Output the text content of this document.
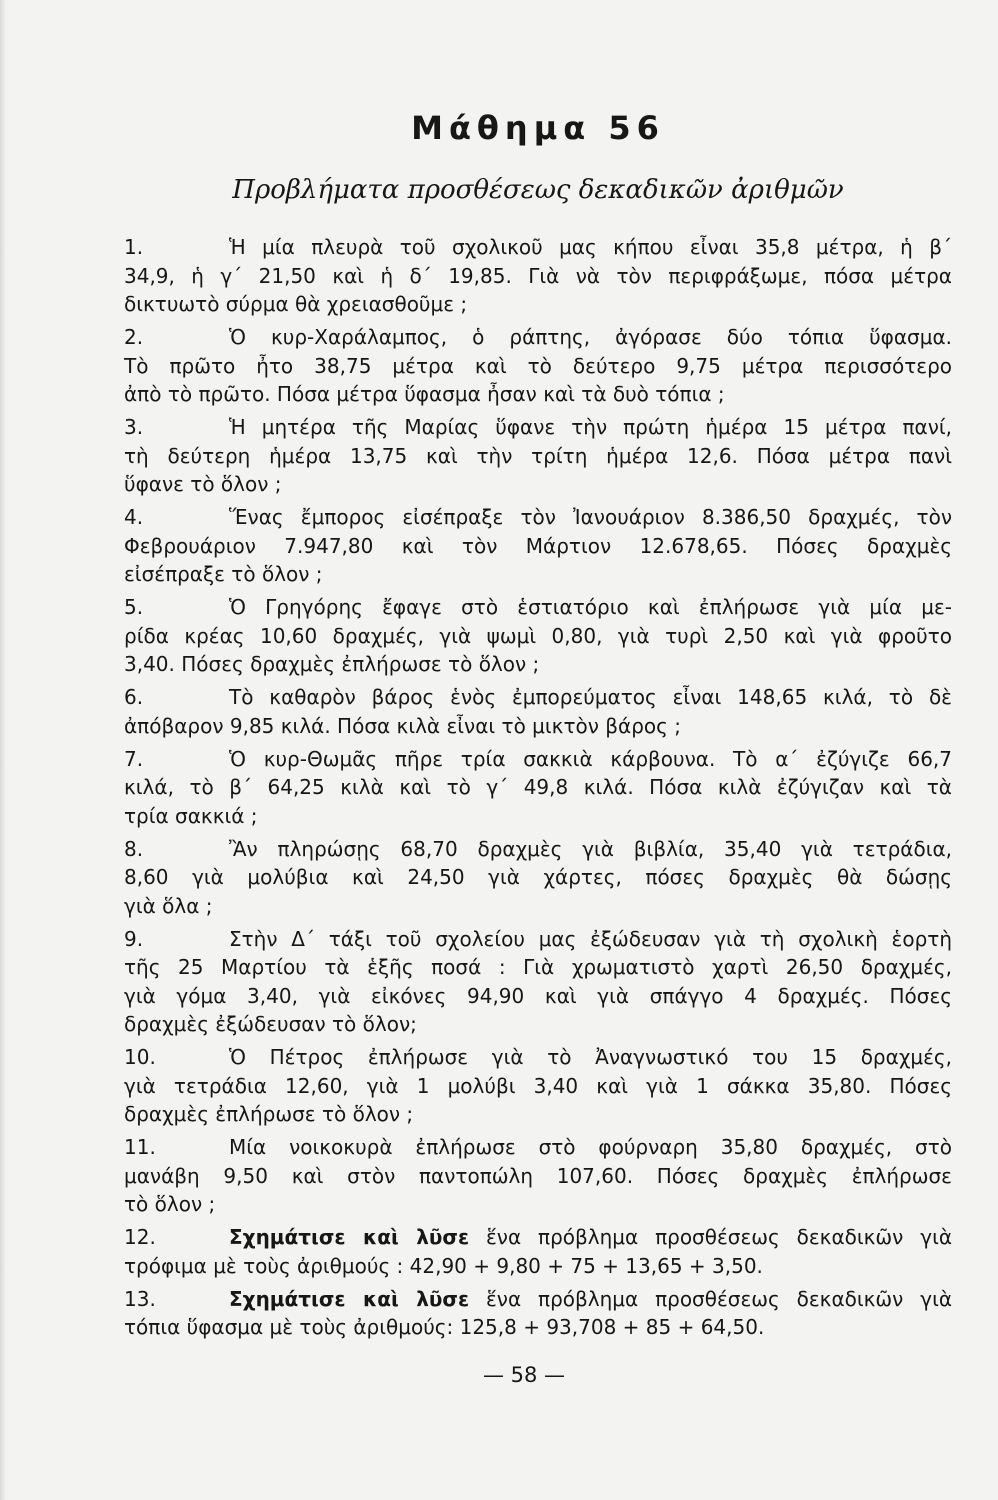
Μάθημα 56
Προβλήματα προσθέσεως δεκαδικῶν ἀριθμῶν
1.	Ἡ μία πλευρὰ τοῦ σχολικοῦ μας κήπου εἶναι 35,8 μέτρα, ἡ β΄
34,9, ἡ γ΄ 21,50 καὶ ἡ δ΄ 19,85. Γιὰ νὰ τὸν περιφράξωμε, πόσα μέτρα
δικτυωτὸ σύρμα θὰ χρειασθοῦμε ;
2.	Ὁ κυρ-Χαράλαμπος, ὁ ράπτης, ἀγόρασε δύο τόπια ὕφασμα.
Τὸ πρῶτο ἦτο 38,75 μέτρα καὶ τὸ δεύτερο 9,75 μέτρα περισσότερο
ἀπὸ τὸ πρῶτο. Πόσα μέτρα ὕφασμα ἦσαν καὶ τὰ δυὸ τόπια ;
3.	Ἡ μητέρα τῆς Μαρίας ὕφανε τὴν πρώτη ἡμέρα 15 μέτρα πανί,
τὴ δεύτερη ἡμέρα 13,75 καὶ τὴν τρίτη ἡμέρα 12,6. Πόσα μέτρα πανὶ
ὕφανε τὸ ὅλον ;
4.	Ἕνας ἔμπορος εἰσέπραξε τὸν Ἰανουάριον 8.386,50 δραχμές, τὸν
Φεβρουάριον 7.947,80 καὶ τὸν Μάρτιον 12.678,65. Πόσες δραχμὲς
εἰσέπραξε τὸ ὅλον ;
5.	Ὁ Γρηγόρης ἔφαγε στὸ ἑστιατόριο καὶ ἐπλήρωσε γιὰ μία με-
ρίδα κρέας 10,60 δραχμές, γιὰ ψωμὶ 0,80, γιὰ τυρὶ 2,50 καὶ γιὰ φροῦτο
3,40. Πόσες δραχμὲς ἐπλήρωσε τὸ ὅλον ;
6.	Τὸ καθαρὸν βάρος ἑνὸς ἐμπορεύματος εἶναι 148,65 κιλά, τὸ δὲ
ἀπόβαρον 9,85 κιλά. Πόσα κιλὰ εἶναι τὸ μικτὸν βάρος ;
7.	Ὁ κυρ-Θωμᾶς πῆρε τρία σακκιὰ κάρβουνα. Τὸ α΄ ἐζύγιζε 66,7
κιλά, τὸ β΄ 64,25 κιλὰ καὶ τὸ γ΄ 49,8 κιλά. Πόσα κιλὰ ἐζύγιζαν καὶ τὰ
τρία σακκιά ;
8.	Ἂν πληρώσῃς 68,70 δραχμὲς γιὰ βιβλία, 35,40 γιὰ τετράδια,
8,60 γιὰ μολύβια καὶ 24,50 γιὰ χάρτες, πόσες δραχμὲς θὰ δώσῃς
γιὰ ὅλα ;
9.	Στὴν Δ΄ τάξι τοῦ σχολείου μας ἐξώδευσαν γιὰ τὴ σχολικὴ ἑορτὴ
τῆς 25 Μαρτίου τὰ ἑξῆς ποσά : Γιὰ χρωματιστὸ χαρτὶ 26,50 δραχμές,
γιὰ γόμα 3,40, γιὰ εἰκόνες 94,90 καὶ γιὰ σπάγγο 4 δραχμές. Πόσες
δραχμὲς ἐξώδευσαν τὸ ὅλον;
10.	Ὁ Πέτρος ἐπλήρωσε γιὰ τὸ Ἀναγνωστικό του 15 δραχμές,
γιὰ τετράδια 12,60, γιὰ 1 μολύβι 3,40 καὶ γιὰ 1 σάκκα 35,80. Πόσες
δραχμὲς ἐπλήρωσε τὸ ὅλον ;
11.	Μία νοικοκυρὰ ἐπλήρωσε στὸ φούρναρη 35,80 δραχμές, στὸ
μανάβη 9,50 καὶ στὸν παντοπώλη 107,60. Πόσες δραχμὲς ἐπλήρωσε
τὸ ὅλον ;
12.	Σχημάτισε καὶ λῦσε ἕνα πρόβλημα προσθέσεως δεκαδικῶν γιὰ
τρόφιμα μὲ τοὺς ἀριθμούς : 42,90 + 9,80 + 75 + 13,65 + 3,50.
13.	Σχημάτισε καὶ λῦσε ἕνα πρόβλημα προσθέσεως δεκαδικῶν γιὰ
τόπια ὕφασμα μὲ τοὺς ἀριθμούς: 125,8 + 93,708 + 85 + 64,50.
— 58 —
